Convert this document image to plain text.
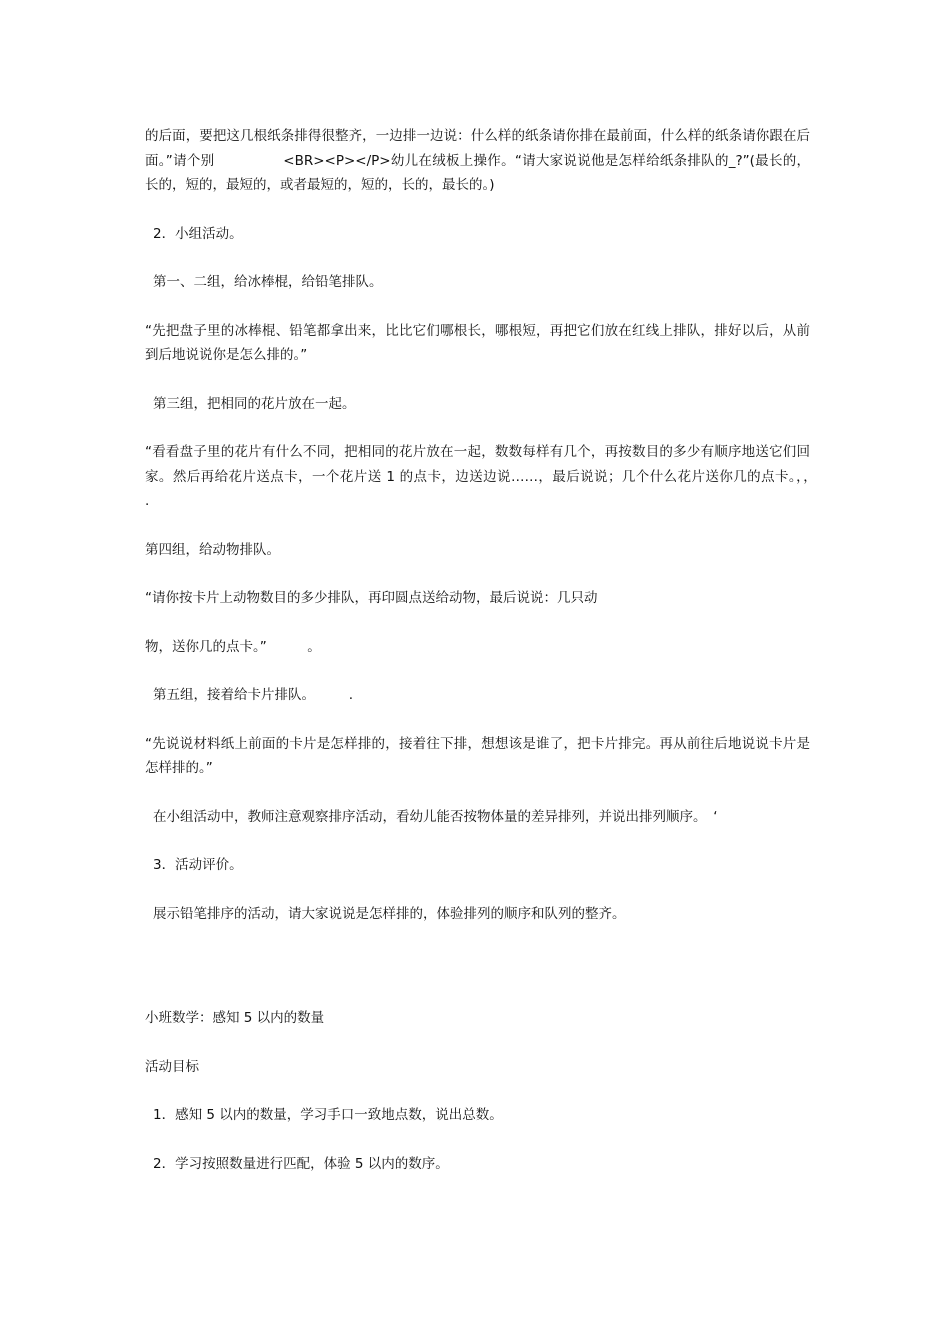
的后面，要把这几根纸条排得很整齐，一边排一边说：什么样的纸条请你排在最前面，什么样的纸条请你跟在后面。”请个别　　　　　<BR><P></P>幼儿在绒板上操作。“请大家说说他是怎样给纸条排队的_?”(最长的，长的，短的，最短的，或者最短的，短的，长的，最长的。)

2．小组活动。

第一、二组，给冰棒棍，给铅笔排队。

“先把盘子里的冰棒棍、铅笔都拿出来，比比它们哪根长，哪根短，再把它们放在红线上排队，排好以后，从前到后地说说你是怎么排的。”

第三组，把相同的花片放在一起。

“看看盘子里的花片有什么不同，把相同的花片放在一起，数数每样有几个，再按数目的多少有顺序地送它们回家。然后再给花片送点卡，一个花片送 1 的点卡，边送边说……，最后说说；几个什么花片送你几的点卡。，，　　　.

第四组，给动物排队。

“请你按卡片上动物数目的多少排队，再印圆点送给动物，最后说说：几只动

物，送你几的点卡。”　　　。

第五组，接着给卡片排队。　　　.

“先说说材料纸上前面的卡片是怎样排的，接着往下排，想想该是谁了，把卡片排完。再从前往后地说说卡片是怎样排的。”

在小组活动中，教师注意观察排序活动，看幼儿能否按物体量的差异排列，并说出排列顺序。　‘

3．活动评价。

展示铅笔排序的活动，请大家说说是怎样排的，体验排列的顺序和队列的整齐。

小班数学：感知 5 以内的数量

活动目标

1．感知 5 以内的数量，学习手口一致地点数，说出总数。

2．学习按照数量进行匹配，体验 5 以内的数序。
